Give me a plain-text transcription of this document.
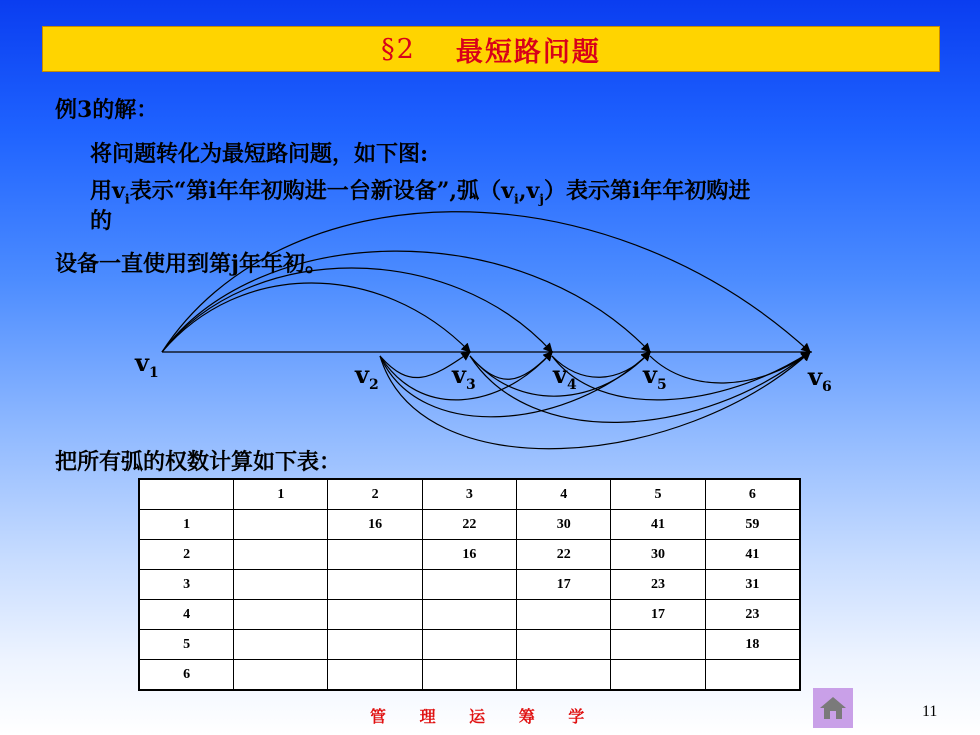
§2 最短路问题
例3的解：
将问题转化为最短路问题，如下图:
用$v_i$表示“第i年年初购进一台新设备”,弧$(v_i,v_j)$表示第i年年初购进
的
设备一直使用到第j年年初。
$v_1$	$v_2$	$v_3$	$v_4$	$v_5$	$v_6$
把所有弧的权数计算如下表：
	1	2	3	4	5	6
1		16	22	30	41	59
2			16	22	30	41
3				17	23	31
4					17	23
5						18
6						
管 理 运 筹 学	11
